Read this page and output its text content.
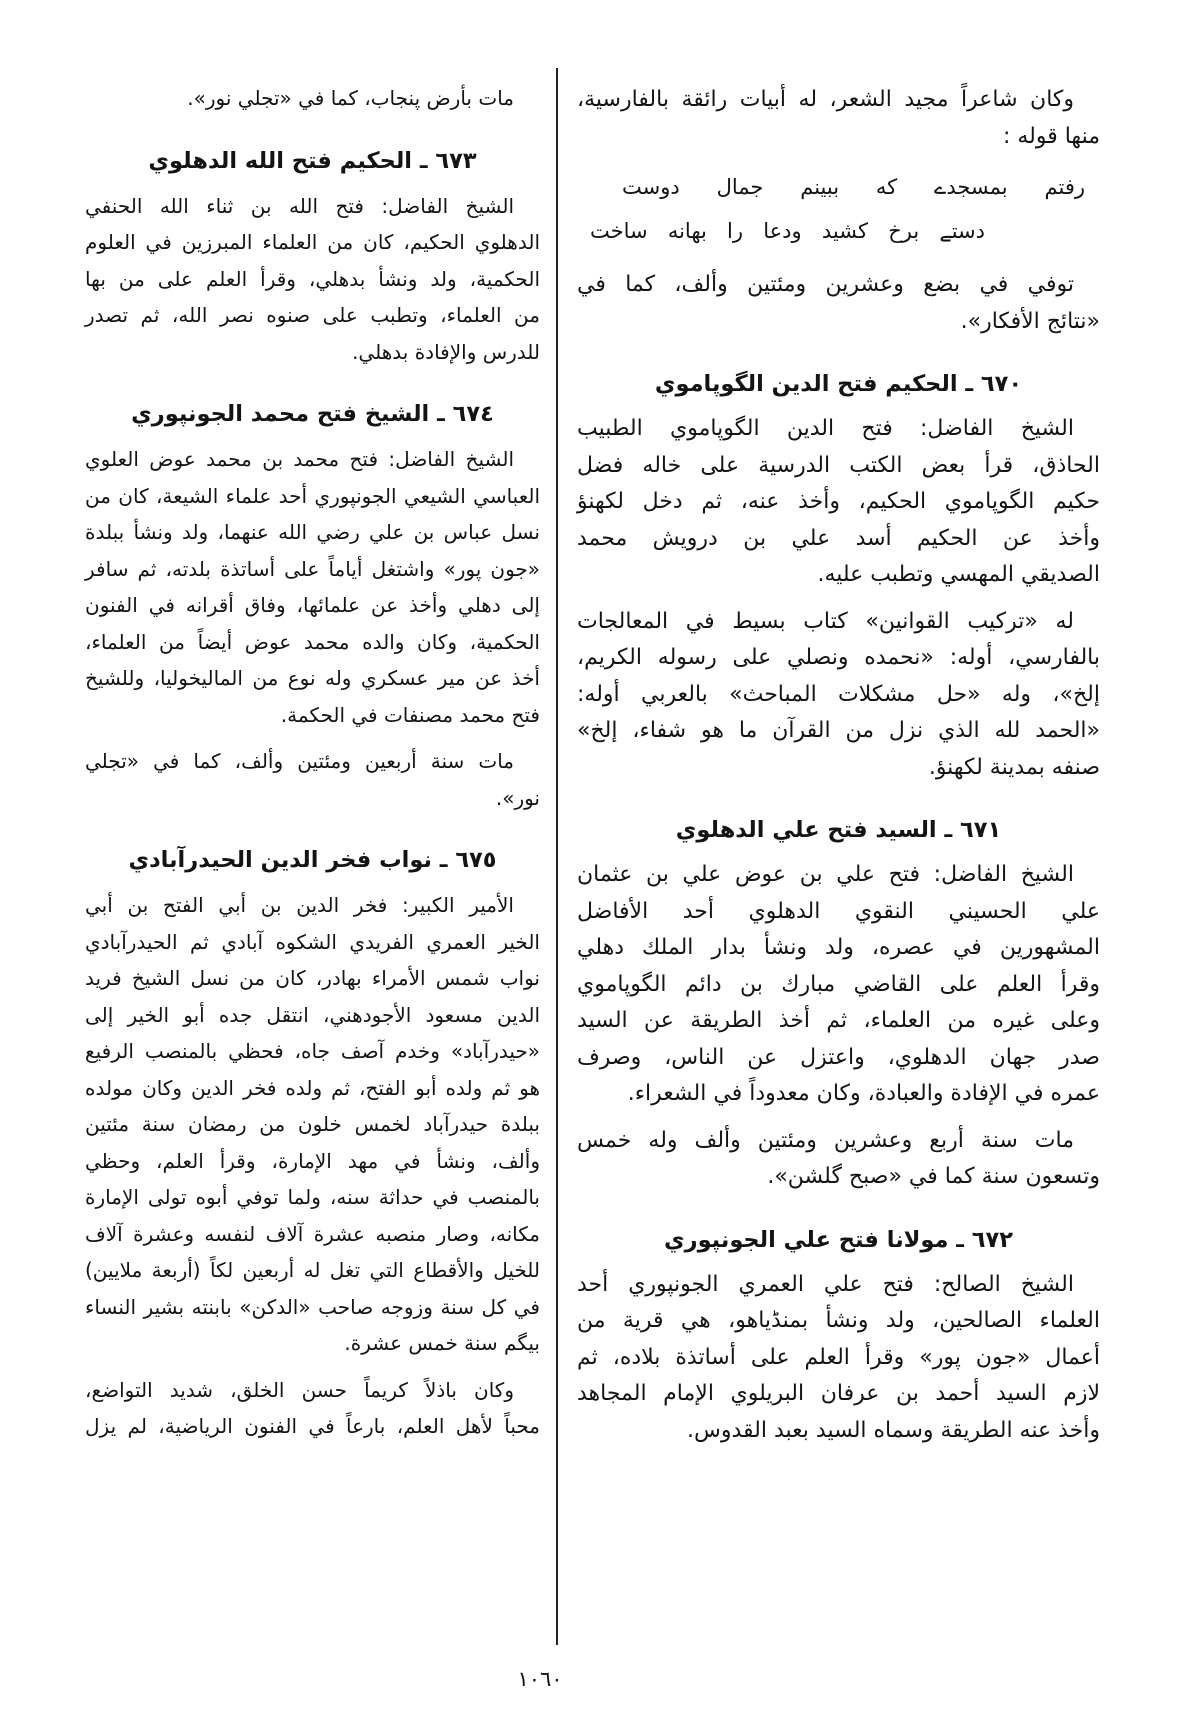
وكان شاعراً مجيد الشعر، له أبيات رائقة بالفارسية،
منها قوله :
رفتم بمسجدے كه ببينم جمال دوست
دستے برخ كشيد ودعا را بهانه ساخت
توفي في بضع وعشرين ومئتين وألف، كما في
«نتائج الأفكار».
٦٧٠ ـ الحكيم فتح الدين الگوپاموي
الشيخ الفاضل: فتح الدين الگوپاموي الطبيب
الحاذق، قرأ بعض الكتب الدرسية على خاله فضل
حكيم الگوپاموي الحكيم، وأخذ عنه، ثم دخل لكهنؤ
وأخذ عن الحكيم أسد علي بن درويش محمد
الصديقي المهسي وتطبب عليه.
له «تركيب القوانين» كتاب بسيط في المعالجات
بالفارسي، أوله: «نحمده ونصلي على رسوله الكريم،
إلخ»، وله «حل مشكلات المباحث» بالعربي أوله:
«الحمد لله الذي نزل من القرآن ما هو شفاء، إلخ»
صنفه بمدينة لكهنؤ.
٦٧١ ـ السيد فتح علي الدهلوي
الشيخ الفاضل: فتح علي بن عوض علي بن عثمان
علي الحسيني النقوي الدهلوي أحد الأفاضل
المشهورين في عصره، ولد ونشأ بدار الملك دهلي
وقرأ العلم على القاضي مبارك بن دائم الگوپاموي
وعلى غيره من العلماء، ثم أخذ الطريقة عن السيد
صدر جهان الدهلوي، واعتزل عن الناس، وصرف
عمره في الإفادة والعبادة، وكان معدوداً في الشعراء.
مات سنة أربع وعشرين ومئتين وألف وله خمس
وتسعون سنة كما في «صبح گلشن».
٦٧٢ ـ مولانا فتح علي الجونپوري
الشيخ الصالح: فتح علي العمري الجونپوري أحد
العلماء الصالحين، ولد ونشأ بمنڈياهو، هي قرية من
أعمال «جون پور» وقرأ العلم على أساتذة بلاده، ثم
لازم السيد أحمد بن عرفان البريلوي الإمام المجاهد
وأخذ عنه الطريقة وسماه السيد بعبد القدوس.
مات بأرض پنجاب، كما في «تجلي نور».
٦٧٣ ـ الحكيم فتح الله الدهلوي
الشيخ الفاضل: فتح الله بن ثناء الله الحنفي
الدهلوي الحكيم، كان من العلماء المبرزين في العلوم
الحكمية، ولد ونشأ بدهلي، وقرأ العلم على من بها
من العلماء، وتطبب على صنوه نصر الله، ثم تصدر
للدرس والإفادة بدهلي.
٦٧٤ ـ الشيخ فتح محمد الجونپوري
الشيخ الفاضل: فتح محمد بن محمد عوض العلوي
العباسي الشيعي الجونپوري أحد علماء الشيعة، كان من
نسل عباس بن علي رضي الله عنهما، ولد ونشأ ببلدة
«جون پور» واشتغل أياماً على أساتذة بلدته، ثم سافر
إلى دهلي وأخذ عن علمائها، وفاق أقرانه في الفنون
الحكمية، وكان والده محمد عوض أيضاً من العلماء،
أخذ عن مير عسكري وله نوع من الماليخوليا، وللشيخ
فتح محمد مصنفات في الحكمة.
مات سنة أربعين ومئتين وألف، كما في «تجلي
نور».
٦٧٥ ـ نواب فخر الدين الحيدرآبادي
الأمير الكبير: فخر الدين بن أبي الفتح بن أبي
الخير العمري الفريدي الشكوه آبادي ثم الحيدرآبادي
نواب شمس الأمراء بهادر، كان من نسل الشيخ فريد
الدين مسعود الأجودهني، انتقل جده أبو الخير إلى
«حيدرآباد» وخدم آصف جاه، فحظي بالمنصب الرفيع
هو ثم ولده أبو الفتح، ثم ولده فخر الدين وكان مولده
ببلدة حيدرآباد لخمس خلون من رمضان سنة مئتين
وألف، ونشأ في مهد الإمارة، وقرأ العلم، وحظي
بالمنصب في حداثة سنه، ولما توفي أبوه تولى الإمارة
مكانه، وصار منصبه عشرة آلاف لنفسه وعشرة آلاف
للخيل والأقطاع التي تغل له أربعين لكاً (أربعة ملايين)
في كل سنة وزوجه صاحب «الدكن» بابنته بشير النساء
بيگم سنة خمس عشرة.
وكان باذلاً كريماً حسن الخلق، شديد التواضع،
محباً لأهل العلم، بارعاً في الفنون الرياضية، لم يزل
١٠٦٠
